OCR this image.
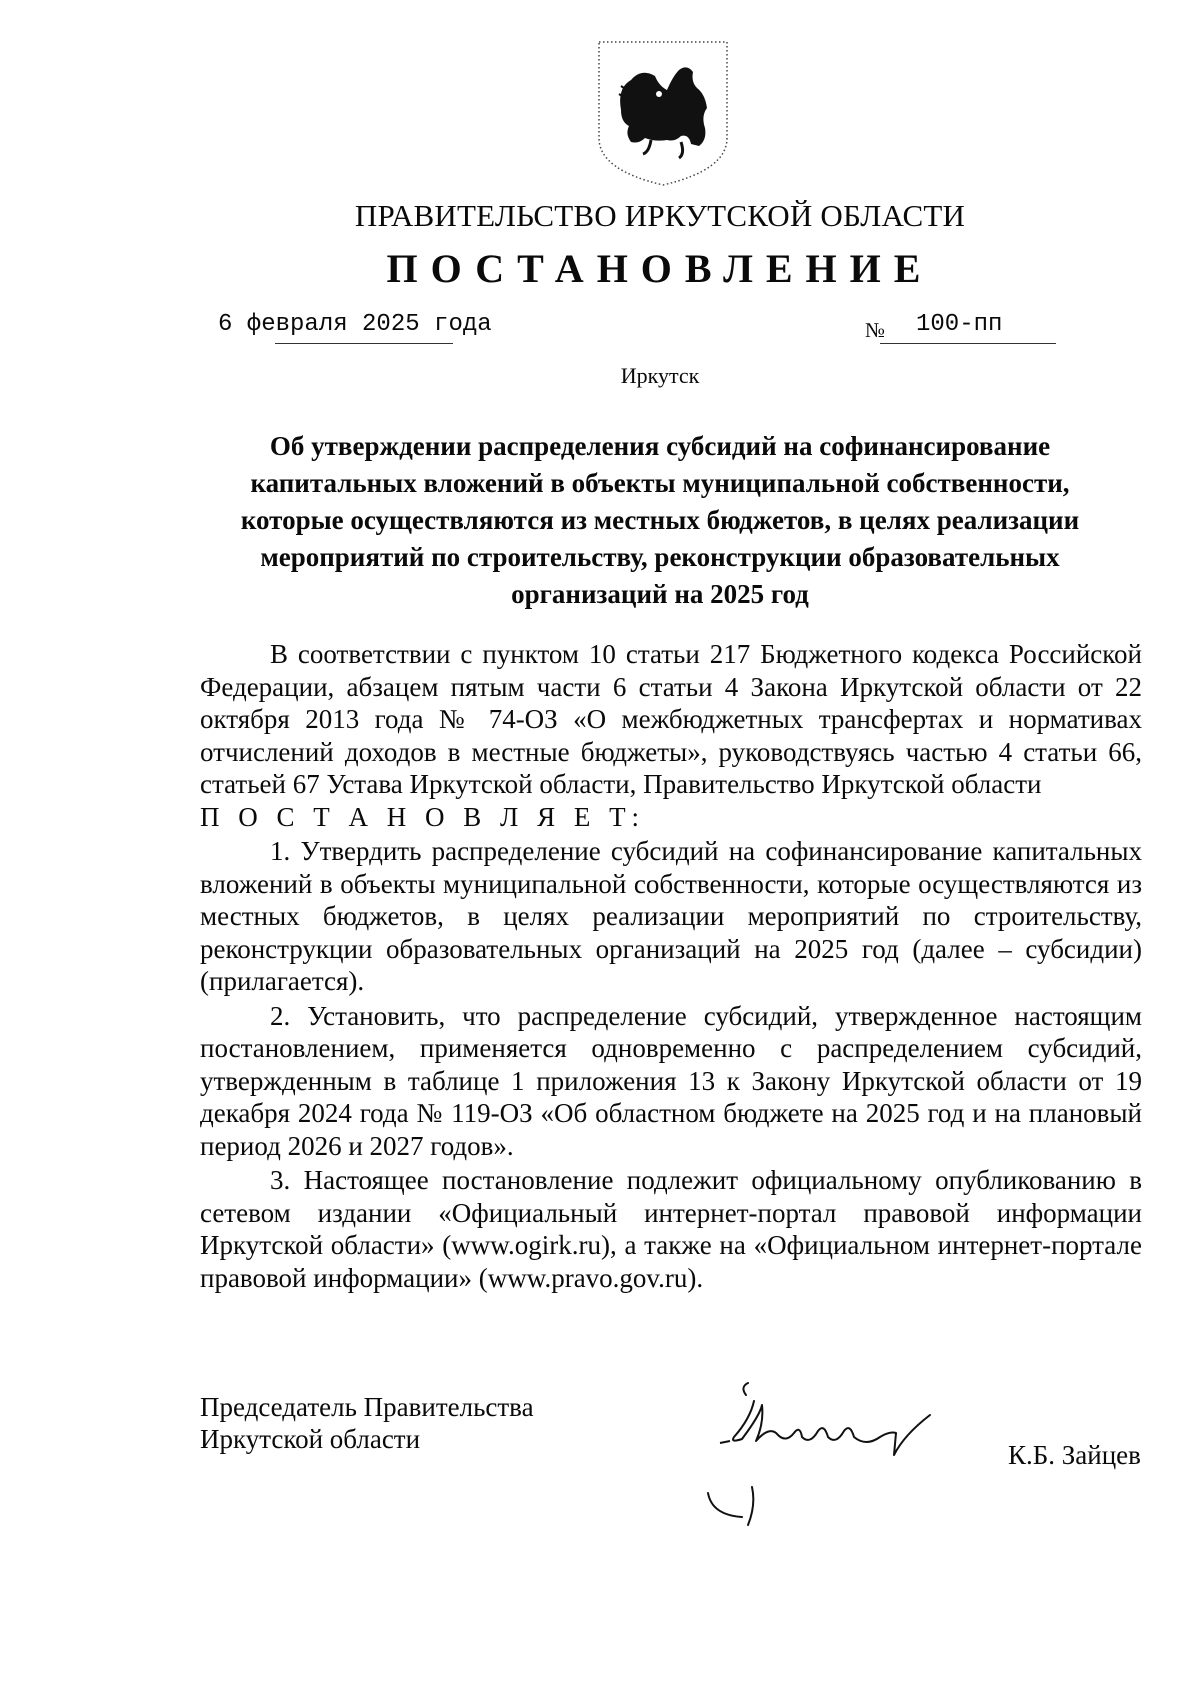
ПРАВИТЕЛЬСТВО ИРКУТСКОЙ ОБЛАСТИ
ПОСТАНОВЛЕНИЕ
6 февраля 2025 года	№ 100-пп
Иркутск
Об утверждении распределения субсидий на софинансирование капитальных вложений в объекты муниципальной собственности, которые осуществляются из местных бюджетов, в целях реализации мероприятий по строительству, реконструкции образовательных организаций на 2025 год

В соответствии с пунктом 10 статьи 217 Бюджетного кодекса Российской Федерации, абзацем пятым части 6 статьи 4 Закона Иркутской области от 22 октября 2013 года № 74-ОЗ «О межбюджетных трансфертах и нормативах отчислений доходов в местные бюджеты», руководствуясь частью 4 статьи 66, статьей 67 Устава Иркутской области, Правительство Иркутской области

П О С Т А Н О В Л Я Е Т:

1. Утвердить распределение субсидий на софинансирование капитальных вложений в объекты муниципальной собственности, которые осуществляются из местных бюджетов, в целях реализации мероприятий по строительству, реконструкции образовательных организаций на 2025 год (далее – субсидии) (прилагается).

2. Установить, что распределение субсидий, утвержденное настоящим постановлением, применяется одновременно с распределением субсидий, утвержденным в таблице 1 приложения 13 к Закону Иркутской области от 19 декабря 2024 года № 119-ОЗ «Об областном бюджете на 2025 год и на плановый период 2026 и 2027 годов».

3. Настоящее постановление подлежит официальному опубликованию в сетевом издании «Официальный интернет-портал правовой информации Иркутской области» (www.ogirk.ru), а также на «Официальном интернет-портале правовой информации» (www.pravo.gov.ru).

Председатель Правительства
Иркутской области
К.Б. Зайцев
